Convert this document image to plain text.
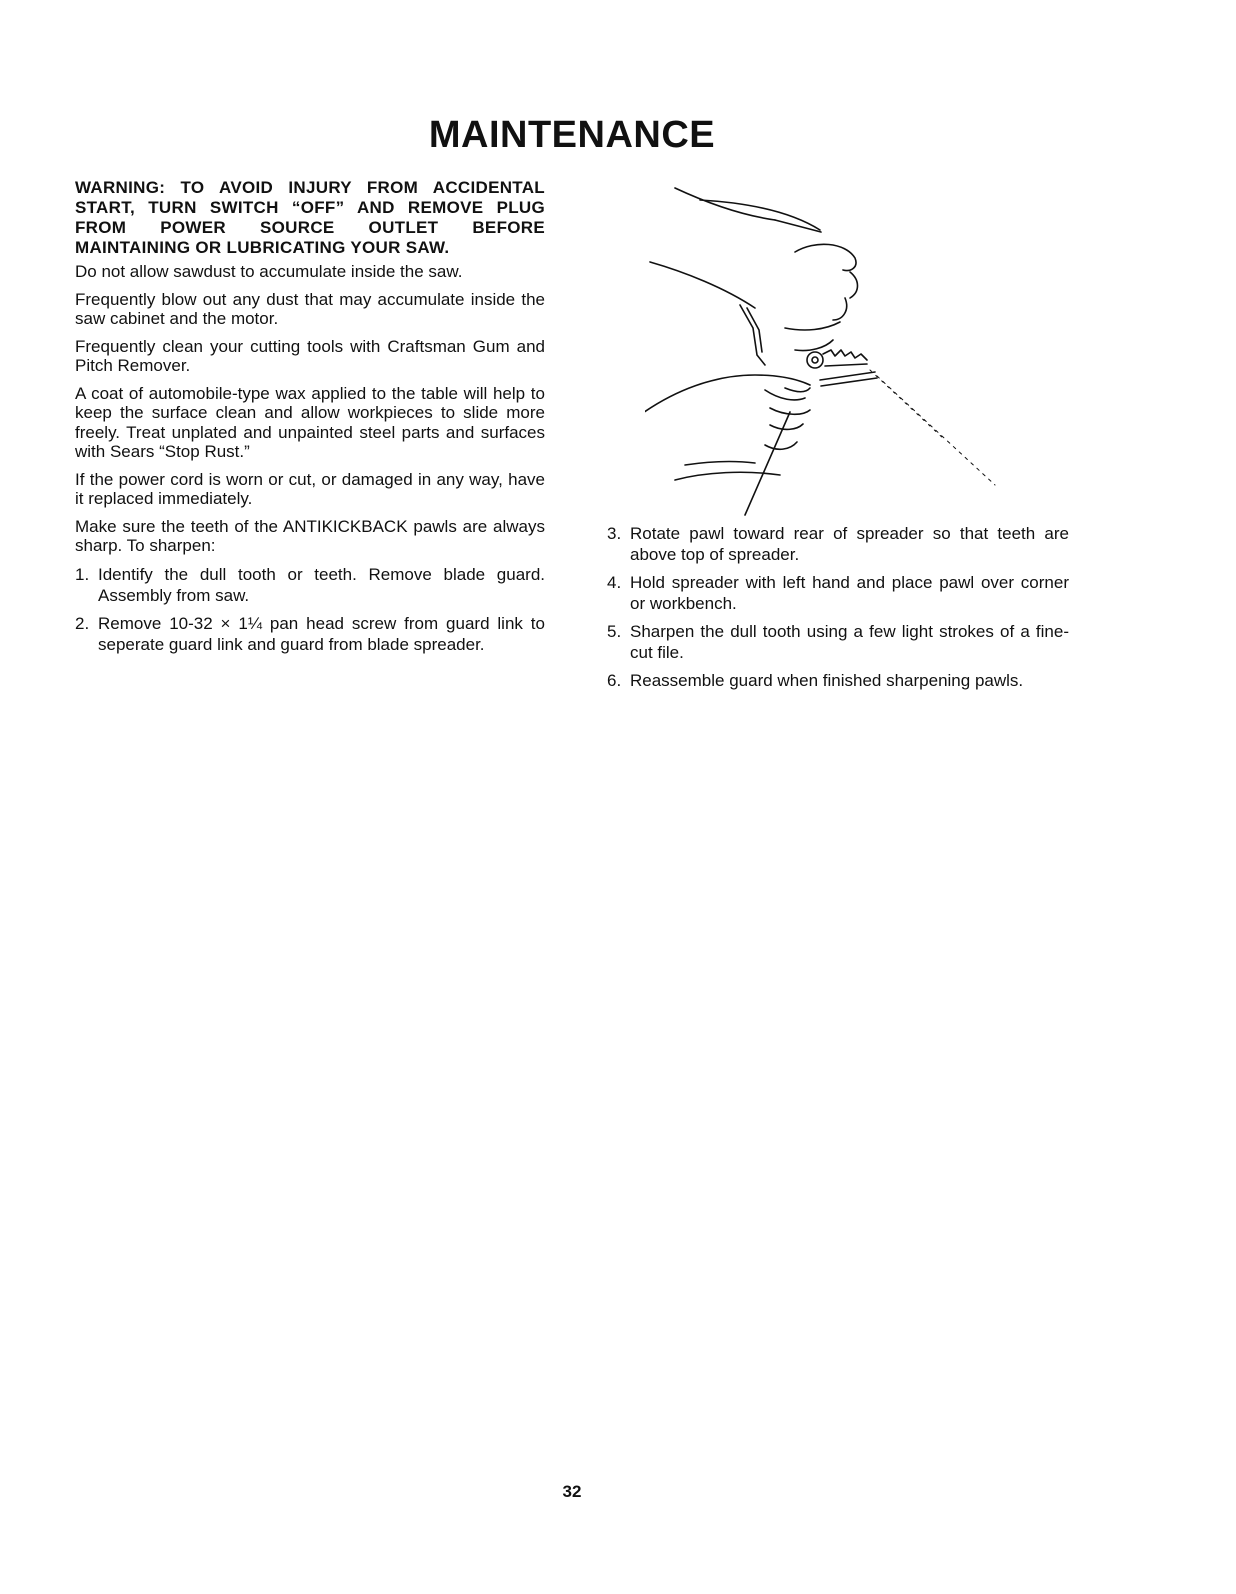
MAINTENANCE

WARNING: TO AVOID INJURY FROM ACCIDENTAL START, TURN SWITCH “OFF” AND REMOVE PLUG FROM POWER SOURCE OUTLET BEFORE MAINTAINING OR LUBRICATING YOUR SAW.

Do not allow sawdust to accumulate inside the saw.

Frequently blow out any dust that may accumulate inside the saw cabinet and the motor.

Frequently clean your cutting tools with Craftsman Gum and Pitch Remover.

A coat of automobile-type wax applied to the table will help to keep the surface clean and allow workpieces to slide more freely. Treat unplated and unpainted steel parts and surfaces with Sears “Stop Rust.”

If the power cord is worn or cut, or damaged in any way, have it replaced immediately.

Make sure the teeth of the ANTIKICKBACK pawls are always sharp. To sharpen:

1. Identify the dull tooth or teeth. Remove blade guard. Assembly from saw.
2. Remove 10-32 × 1¼ pan head screw from guard link to seperate guard link and guard from blade spreader.
3. Rotate pawl toward rear of spreader so that teeth are above top of spreader.
4. Hold spreader with left hand and place pawl over corner or workbench.
5. Sharpen the dull tooth using a few light strokes of a fine-cut file.
6. Reassemble guard when finished sharpening pawls.
32
